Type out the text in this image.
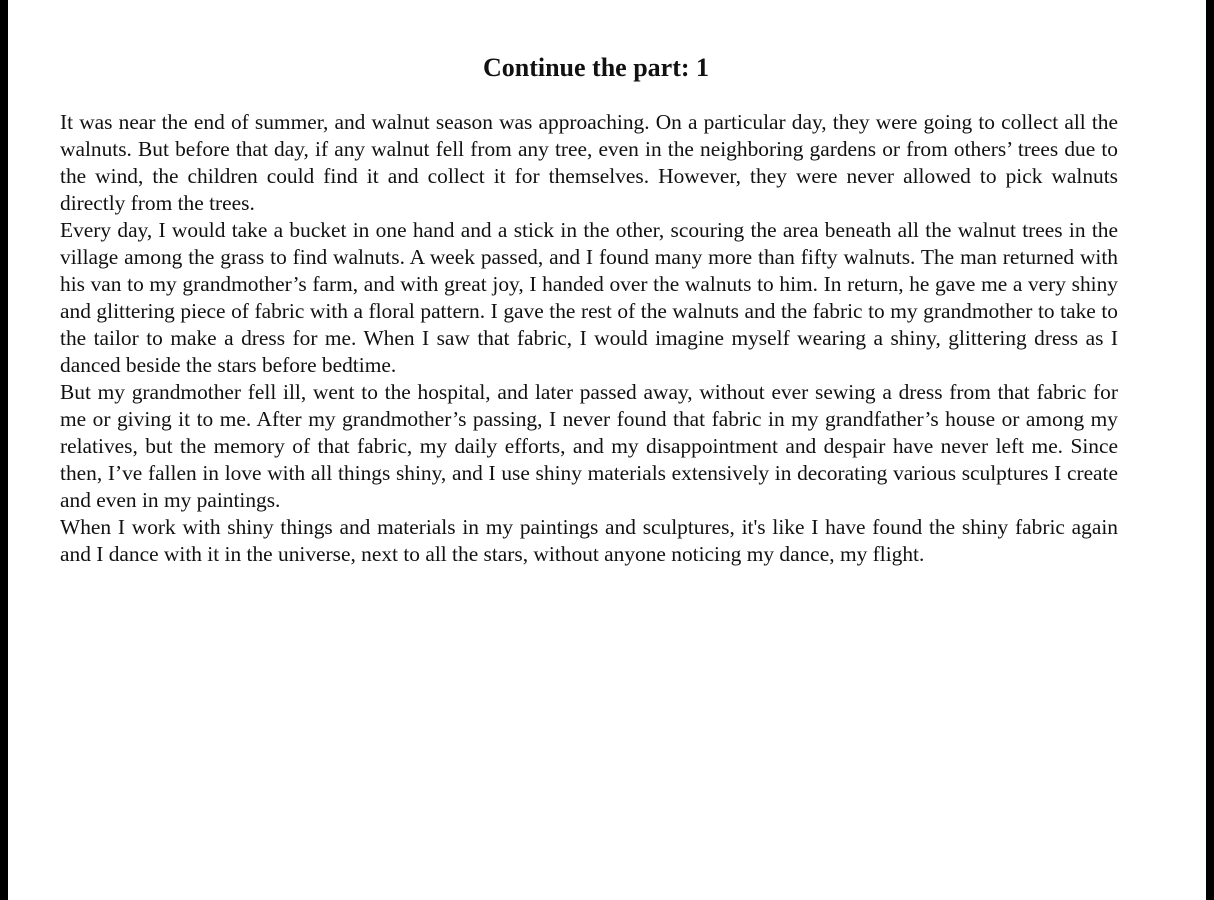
Continue the part: 1

It was near the end of summer, and walnut season was approaching. On a particular day, they were going to collect all the walnuts. But before that day, if any walnut fell from any tree, even in the neighboring gardens or from others’ trees due to the wind, the children could find it and collect it for themselves. However, they were never allowed to pick walnuts directly from the trees.

Every day, I would take a bucket in one hand and a stick in the other, scouring the area beneath all the walnut trees in the village among the grass to find walnuts. A week passed, and I found many more than fifty walnuts. The man returned with his van to my grandmother’s farm, and with great joy, I handed over the walnuts to him. In return, he gave me a very shiny and glittering piece of fabric with a floral pattern. I gave the rest of the walnuts and the fabric to my grandmother to take to the tailor to make a dress for me. When I saw that fabric, I would imagine myself wearing a shiny, glittering dress as I danced beside the stars before bedtime.

But my grandmother fell ill, went to the hospital, and later passed away, without ever sewing a dress from that fabric for me or giving it to me. After my grandmother’s passing, I never found that fabric in my grandfather’s house or among my relatives, but the memory of that fabric, my daily efforts, and my disappointment and despair have never left me. Since then, I’ve fallen in love with all things shiny, and I use shiny materials extensively in decorating various sculptures I create and even in my paintings.

When I work with shiny things and materials in my paintings and sculptures, it's like I have found the shiny fabric again and I dance with it in the universe, next to all the stars, without anyone noticing my dance, my flight.
